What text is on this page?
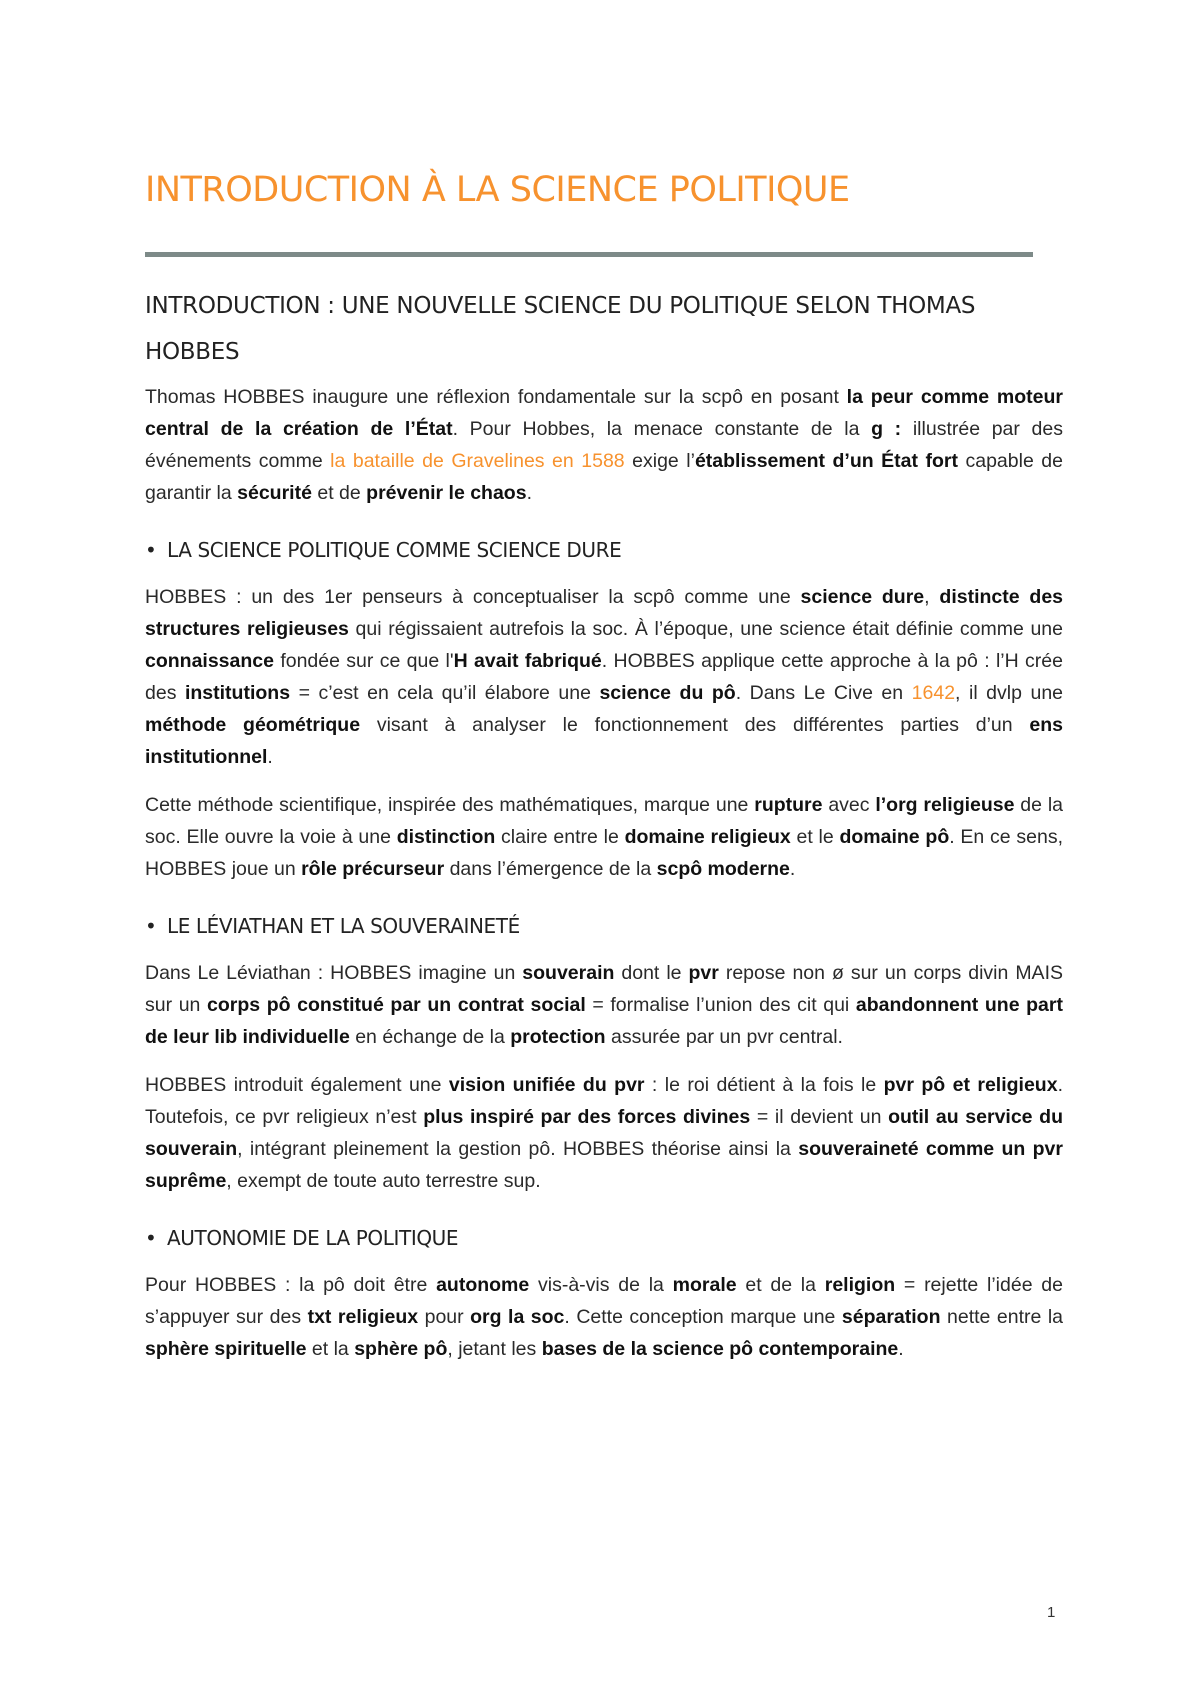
INTRODUCTION À LA SCIENCE POLITIQUE
INTRODUCTION : UNE NOUVELLE SCIENCE DU POLITIQUE SELON THOMAS HOBBES

Thomas HOBBES inaugure une réflexion fondamentale sur la scpô en posant la peur comme moteur central de la création de l’État. Pour Hobbes, la menace constante de la g : illustrée par des événements comme la bataille de Gravelines en 1588 exige l’établissement d’un État fort capable de garantir la sécurité et de prévenir le chaos.

• LA SCIENCE POLITIQUE COMME SCIENCE DURE

HOBBES : un des 1er penseurs à conceptualiser la scpô comme une science dure, distincte des structures religieuses qui régissaient autrefois la soc. À l’époque, une science était définie comme une connaissance fondée sur ce que l'H avait fabriqué. HOBBES applique cette approche à la pô : l’H crée des institutions = c’est en cela qu’il élabore une science du pô. Dans Le Cive en 1642, il dvlp une méthode géométrique visant à analyser le fonctionnement des différentes parties d’un ens institutionnel.

Cette méthode scientifique, inspirée des mathématiques, marque une rupture avec l’org religieuse de la soc. Elle ouvre la voie à une distinction claire entre le domaine religieux et le domaine pô. En ce sens, HOBBES joue un rôle précurseur dans l’émergence de la scpô moderne.

• LE LÉVIATHAN ET LA SOUVERAINETÉ

Dans Le Léviathan : HOBBES imagine un souverain dont le pvr repose non ø sur un corps divin MAIS sur un corps pô constitué par un contrat social = formalise l’union des cit qui abandonnent une part de leur lib individuelle en échange de la protection assurée par un pvr central.

HOBBES introduit également une vision unifiée du pvr : le roi détient à la fois le pvr pô et religieux. Toutefois, ce pvr religieux n’est plus inspiré par des forces divines = il devient un outil au service du souverain, intégrant pleinement la gestion pô. HOBBES théorise ainsi la souveraineté comme un pvr suprême, exempt de toute auto terrestre sup.

• AUTONOMIE DE LA POLITIQUE

Pour HOBBES : la pô doit être autonome vis-à-vis de la morale et de la religion = rejette l’idée de s’appuyer sur des txt religieux pour org la soc. Cette conception marque une séparation nette entre la sphère spirituelle et la sphère pô, jetant les bases de la science pô contemporaine.

1
